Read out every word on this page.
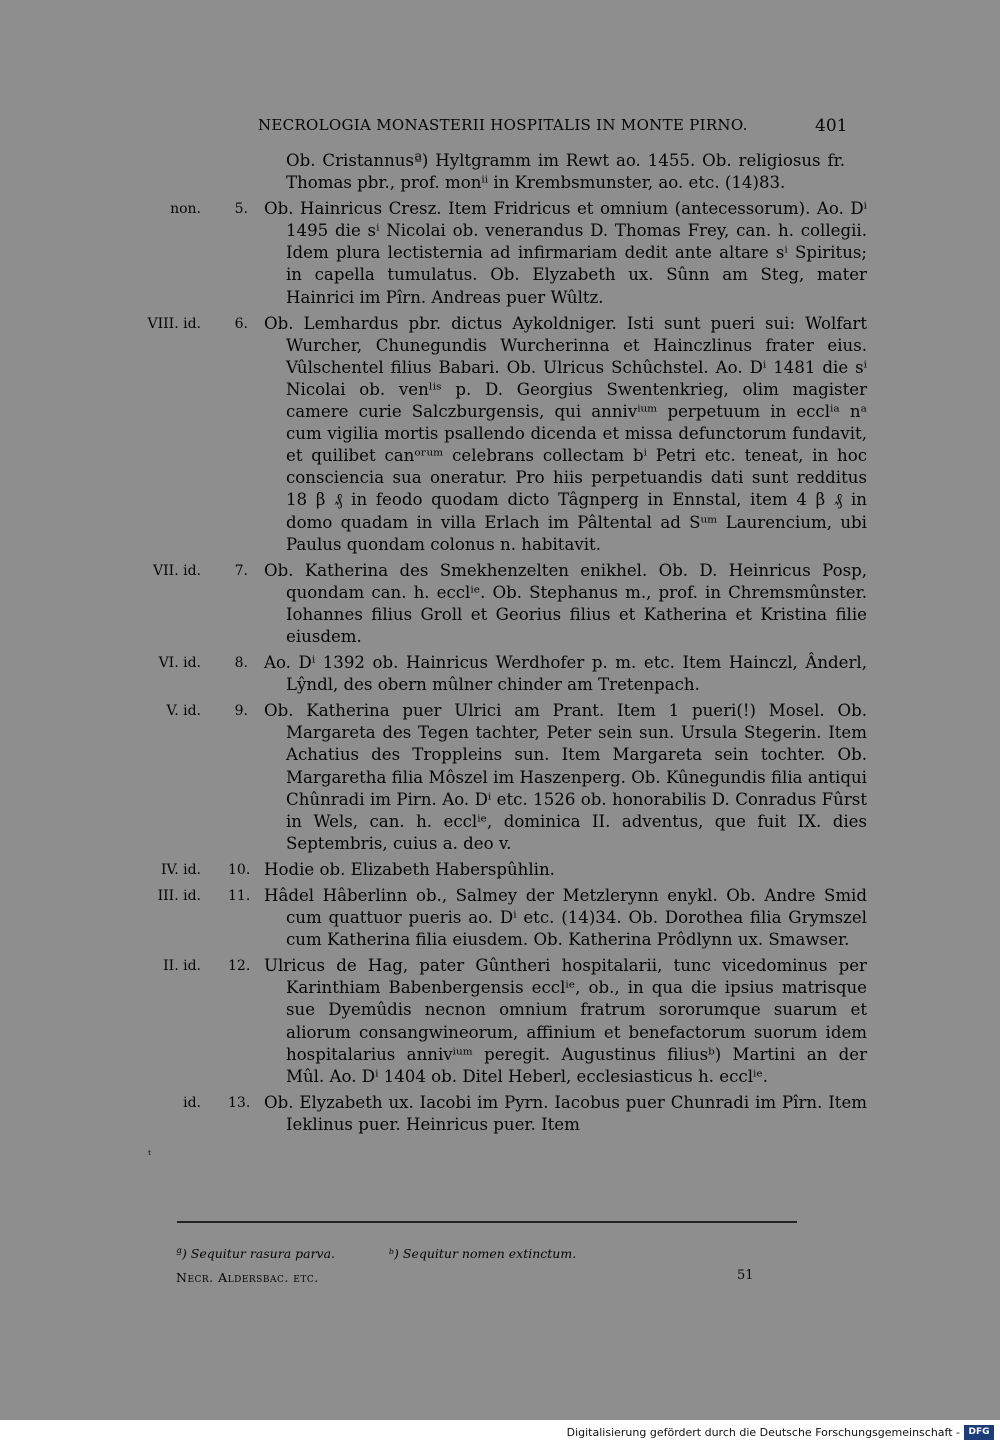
NECROLOGIA MONASTERII HOSPITALIS IN MONTE PIRNO.	401
Ob. Cristannusª) Hyltgramm im Rewt ao. 1455. Ob. religiosus fr. Thomas pbr., prof. monⁱⁱ in Krembsmunster, ao. etc. (14)83.
non.	5. Ob. Hainricus Cresz. Item Fridricus et omnium (antecessorum). Ao. Dⁱ 1495 die sⁱ Nicolai ob. venerandus D. Thomas Frey, can. h. collegii. Idem plura lectisternia ad infirmariam dedit ante altare sⁱ Spiritus; in capella tumulatus. Ob. Elyzabeth ux. Sûnn am Steg, mater Hainrici im Pîrn. Andreas puer Wûltz.
VIII. id.	6. Ob. Lemhardus pbr. dictus Aykoldniger. Isti sunt pueri sui: Wolfart Wurcher, Chunegundis Wurcherinna et Hainczlinus frater eius. Vûlschentel filius Babari. Ob. Ulricus Schûchstel. Ao. Dⁱ 1481 die sⁱ Nicolai ob. venˡⁱˢ p. D. Georgius Swentenkrieg, olim magister camere curie Salczburgensis, qui annivⁱᵘᵐ perpetuum in ecclⁱᵃ nᵃ cum vigilia mortis psallendo dicenda et missa defunctorum fundavit, et quilibet canᵒʳᵘᵐ celebrans collectam bⁱ Petri etc. teneat, in hoc consciencia sua oneratur. Pro hiis perpetuandis dati sunt redditus 18 β ₰ in feodo quodam dicto Tâgnperg in Ennstal, item 4 β ₰ in domo quadam in villa Erlach im Pâltental ad Sᵘᵐ Laurencium, ubi Paulus quondam colonus n. habitavit.
VII. id.	7. Ob. Katherina des Smekhenzelten enikhel. Ob. D. Heinricus Posp, quondam can. h. ecclⁱᵉ. Ob. Stephanus m., prof. in Chremsmûnster. Iohannes filius Groll et Georius filius et Katherina et Kristina filie eiusdem.
VI. id.	8. Ao. Dⁱ 1392 ob. Hainricus Werdhofer p. m. etc. Item Hainczl, Ânderl, Lŷndl, des obern mûlner chinder am Tretenpach.
V. id.	9. Ob. Katherina puer Ulrici am Prant. Item 1 pueri(!) Mosel. Ob. Margareta des Tegen tachter, Peter sein sun. Ursula Stegerin. Item Achatius des Troppleins sun. Item Margareta sein tochter. Ob. Margaretha filia Môszel im Haszenperg. Ob. Kûnegundis filia antiqui Chûnradi im Pirn. Ao. Dⁱ etc. 1526 ob. honorabilis D. Conradus Fûrst in Wels, can. h. ecclⁱᵉ, dominica II. adventus, que fuit IX. dies Septembris, cuius a. deo v.
IV. id. 10. Hodie ob. Elizabeth Haberspûhlin.
III. id. 11. Hâdel Hâberlinn ob., Salmey der Metzlerynn enykl. Ob. Andre Smid cum quattuor pueris ao. Dⁱ etc. (14)34. Ob. Dorothea filia Grymszel cum Katherina filia eiusdem. Ob. Katherina Prôdlynn ux. Smawser.
II. id. 12. Ulricus de Hag, pater Gûntheri hospitalarii, tunc vicedominus per Karinthiam Babenbergensis ecclⁱᵉ, ob., in qua die ipsius matrisque sue Dyemûdis necnon omnium fratrum sororumque suarum et aliorum consangwineorum, affinium et benefactorum suorum idem hospitalarius annivⁱᵘᵐ peregit. Augustinus filiusᵇ) Martini an der Mûl. Ao. Dⁱ 1404 ob. Ditel Heberl, ecclesiasticus h. ecclⁱᵉ.
id. 13. Ob. Elyzabeth ux. Iacobi im Pyrn. Iacobus puer Chunradi im Pîrn. Item Ieklinus puer. Heinricus puer. Item
ᵗ
ª) Sequitur rasura parva.	ᵇ) Sequitur nomen extinctum.
Necr. Aldersbac. etc.	51
Digitalisierung gefördert durch die Deutsche Forschungsgemeinschaft - DFG
